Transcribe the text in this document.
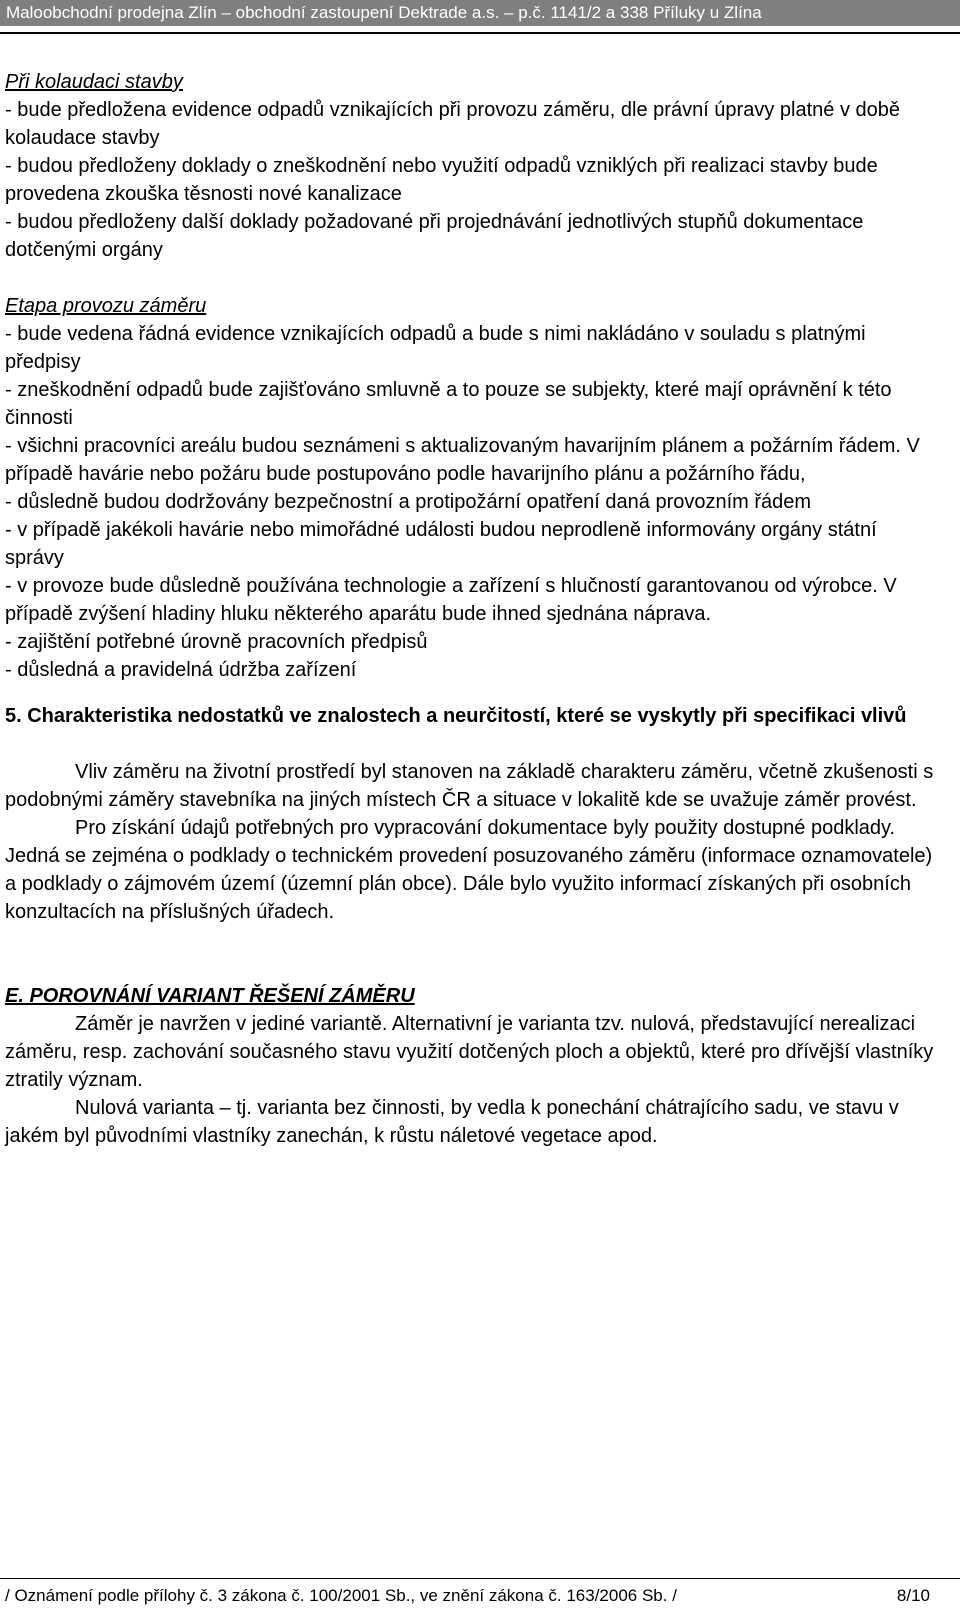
Maloobchodní prodejna Zlín – obchodní zastoupení Dektrade a.s. – p.č. 1141/2 a 338 Příluky u Zlína

Při kolaudaci stavby

- bude předložena evidence odpadů vznikajících při provozu záměru, dle právní úpravy platné v době kolaudace stavby

- budou předloženy doklady o zneškodnění nebo využití odpadů vzniklých při realizaci stavby bude provedena zkouška těsnosti nové kanalizace

- budou předloženy další doklady požadované při projednávání jednotlivých stupňů dokumentace dotčenými orgány

Etapa provozu záměru

- bude vedena řádná evidence vznikajících odpadů a bude s nimi nakládáno v souladu s platnými předpisy

- zneškodnění odpadů bude zajišťováno smluvně a to pouze se subjekty, které mají oprávnění k této činnosti

- všichni pracovníci areálu budou seznámeni s aktualizovaným havarijním plánem a požárním řádem. V případě havárie nebo požáru bude postupováno podle havarijního plánu a požárního řádu,

- důsledně budou dodržovány bezpečnostní a protipožární opatření daná provozním řádem

- v případě jakékoli havárie nebo mimořádné události budou neprodleně informovány orgány státní správy

- v provoze bude důsledně používána technologie a zařízení s hlučností garantovanou od výrobce. V případě zvýšení hladiny hluku některého aparátu bude ihned sjednána náprava.

- zajištění potřebné úrovně pracovních předpisů

- důsledná a pravidelná údržba zařízení

5. Charakteristika nedostatků ve znalostech a neurčitostí, které se vyskytly při specifikaci vlivů

Vliv záměru na životní prostředí byl stanoven na základě charakteru záměru, včetně zkušenosti s podobnými záměry stavebníka na jiných místech ČR a situace v lokalitě kde se uvažuje záměr provést.

Pro získání údajů potřebných pro vypracování dokumentace byly použity dostupné podklady. Jedná se zejména o podklady o technickém provedení posuzovaného záměru (informace oznamovatele) a podklady o zájmovém území (územní plán obce). Dále bylo využito informací získaných při osobních konzultacích na příslušných úřadech.

E. POROVNÁNÍ VARIANT ŘEŠENÍ ZÁMĚRU

Záměr je navržen v jediné variantě. Alternativní je varianta tzv. nulová, představující nerealizaci záměru, resp. zachování současného stavu využití dotčených ploch a objektů, které pro dřívější vlastníky ztratily význam.

Nulová varianta – tj. varianta bez činnosti, by vedla k ponechání chátrajícího sadu, ve stavu v jakém byl původními vlastníky zanechán, k růstu náletové vegetace apod.

/ Oznámení podle přílohy č. 3 zákona č. 100/2001 Sb., ve znění zákona č. 163/2006 Sb. /	8/10
